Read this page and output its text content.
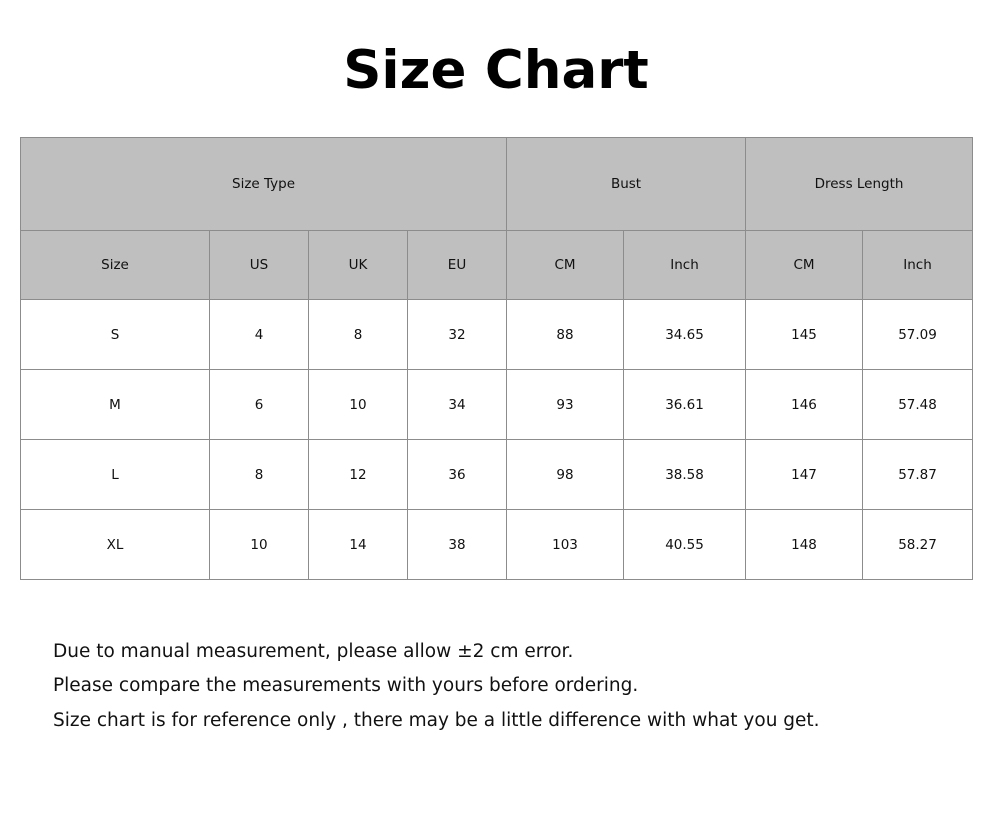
Size Chart
Size Type				Bust		Dress Length	
Size	US	UK	EU	CM	Inch	CM	Inch
S	4	8	32	88	34.65	145	57.09
M	6	10	34	93	36.61	146	57.48
L	8	12	36	98	38.58	147	57.87
XL	10	14	38	103	40.55	148	58.27

Due to manual measurement, please allow ±2 cm error.

Please compare the measurements with yours before ordering.

Size chart is for reference only , there may be a little difference with what you get.
